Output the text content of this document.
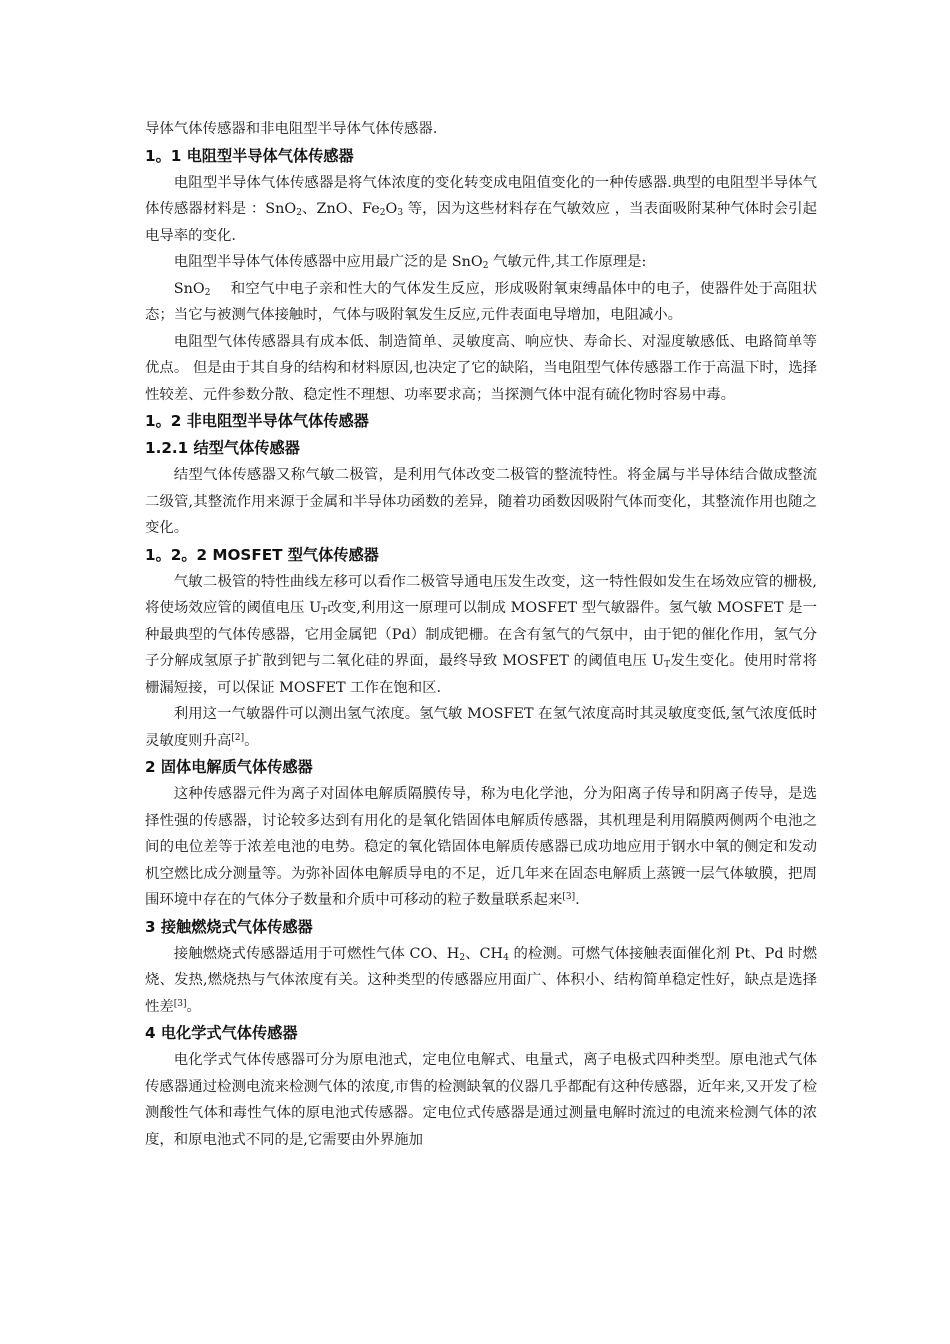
导体气体传感器和非电阻型半导体气体传感器.

1。1 电阻型半导体气体传感器

电阻型半导体气体传感器是将气体浓度的变化转变成电阻值变化的一种传感器.典型的电阻型半导体气体传感器材料是 ：SnO$_2$、ZnO、$Fe_2O_3$ 等，因为这些材料存在气敏效应 ，当表面吸附某种气体时会引起电导率的变化.

电阻型半导体气体传感器中应用最广泛的是 SnO$_2$ 气敏元件,其工作原理是:

SnO$_2$ 和空气中电子亲和性大的气体发生反应，形成吸附氧束缚晶体中的电子，使器件处于高阻状态；当它与被测气体接触时，气体与吸附氧发生反应,元件表面电导增加，电阻减小。

电阻型气体传感器具有成本低、制造简单、灵敏度高、响应快、寿命长、对湿度敏感低、电路简单等优点。 但是由于其自身的结构和材料原因,也决定了它的缺陷，当电阻型气体传感器工作于高温下时，选择性较差、元件参数分散、稳定性不理想、功率要求高；当探测气体中混有硫化物时容易中毒。

1。2 非电阻型半导体气体传感器
1.2.1 结型气体传感器

结型气体传感器又称气敏二极管，是利用气体改变二极管的整流特性。将金属与半导体结合做成整流二级管,其整流作用来源于金属和半导体功函数的差异，随着功函数因吸附气体而变化，其整流作用也随之变化。

1。2。2 MOSFET 型气体传感器

气敏二极管的特性曲线左移可以看作二极管导通电压发生改变，这一特性假如发生在场效应管的栅极,将使场效应管的阈值电压 $U_T$改变,利用这一原理可以制成 MOSFET 型气敏器件。氢气敏 MOSFET 是一种最典型的气体传感器，它用金属钯（Pd）制成钯栅。在含有氢气的气氛中，由于钯的催化作用，氢气分子分解成氢原子扩散到钯与二氧化硅的界面，最终导致 MOSFET 的阈值电压 $U_T$发生变化。使用时常将栅漏短接，可以保证 MOSFET 工作在饱和区.

利用这一气敏器件可以测出氢气浓度。氢气敏 MOSFET 在氢气浓度高时其灵敏度变低,氢气浓度低时灵敏度则升高[2]。

2 固体电解质气体传感器

这种传感器元件为离子对固体电解质隔膜传导，称为电化学池，分为阳离子传导和阴离子传导，是选择性强的传感器，讨论较多达到有用化的是氧化锆固体电解质传感器，其机理是利用隔膜两侧两个电池之间的电位差等于浓差电池的电势。稳定的氧化锆固体电解质传感器已成功地应用于钢水中氧的侧定和发动机空燃比成分测量等。为弥补固体电解质导电的不足，近几年来在固态电解质上蒸镀一层气体敏膜，把周围环境中存在的气体分子数量和介质中可移动的粒子数量联系起来[3].

3 接触燃烧式气体传感器

接触燃烧式传感器适用于可燃性气体 CO、$H_2$、$CH_4$ 的检测。可燃气体接触表面催化剂 Pt、Pd 时燃烧、发热,燃烧热与气体浓度有关。这种类型的传感器应用面广、体积小、结构简单稳定性好，缺点是选择性差[3]。

4 电化学式气体传感器

电化学式气体传感器可分为原电池式，定电位电解式、电量式，离子电极式四种类型。原电池式气体传感器通过检测电流来检测气体的浓度,市售的检测缺氧的仪器几乎都配有这种传感器，近年来,又开发了检测酸性气体和毒性气体的原电池式传感器。定电位式传感器是通过测量电解时流过的电流来检测气体的浓度，和原电池式不同的是,它需要由外界施加
